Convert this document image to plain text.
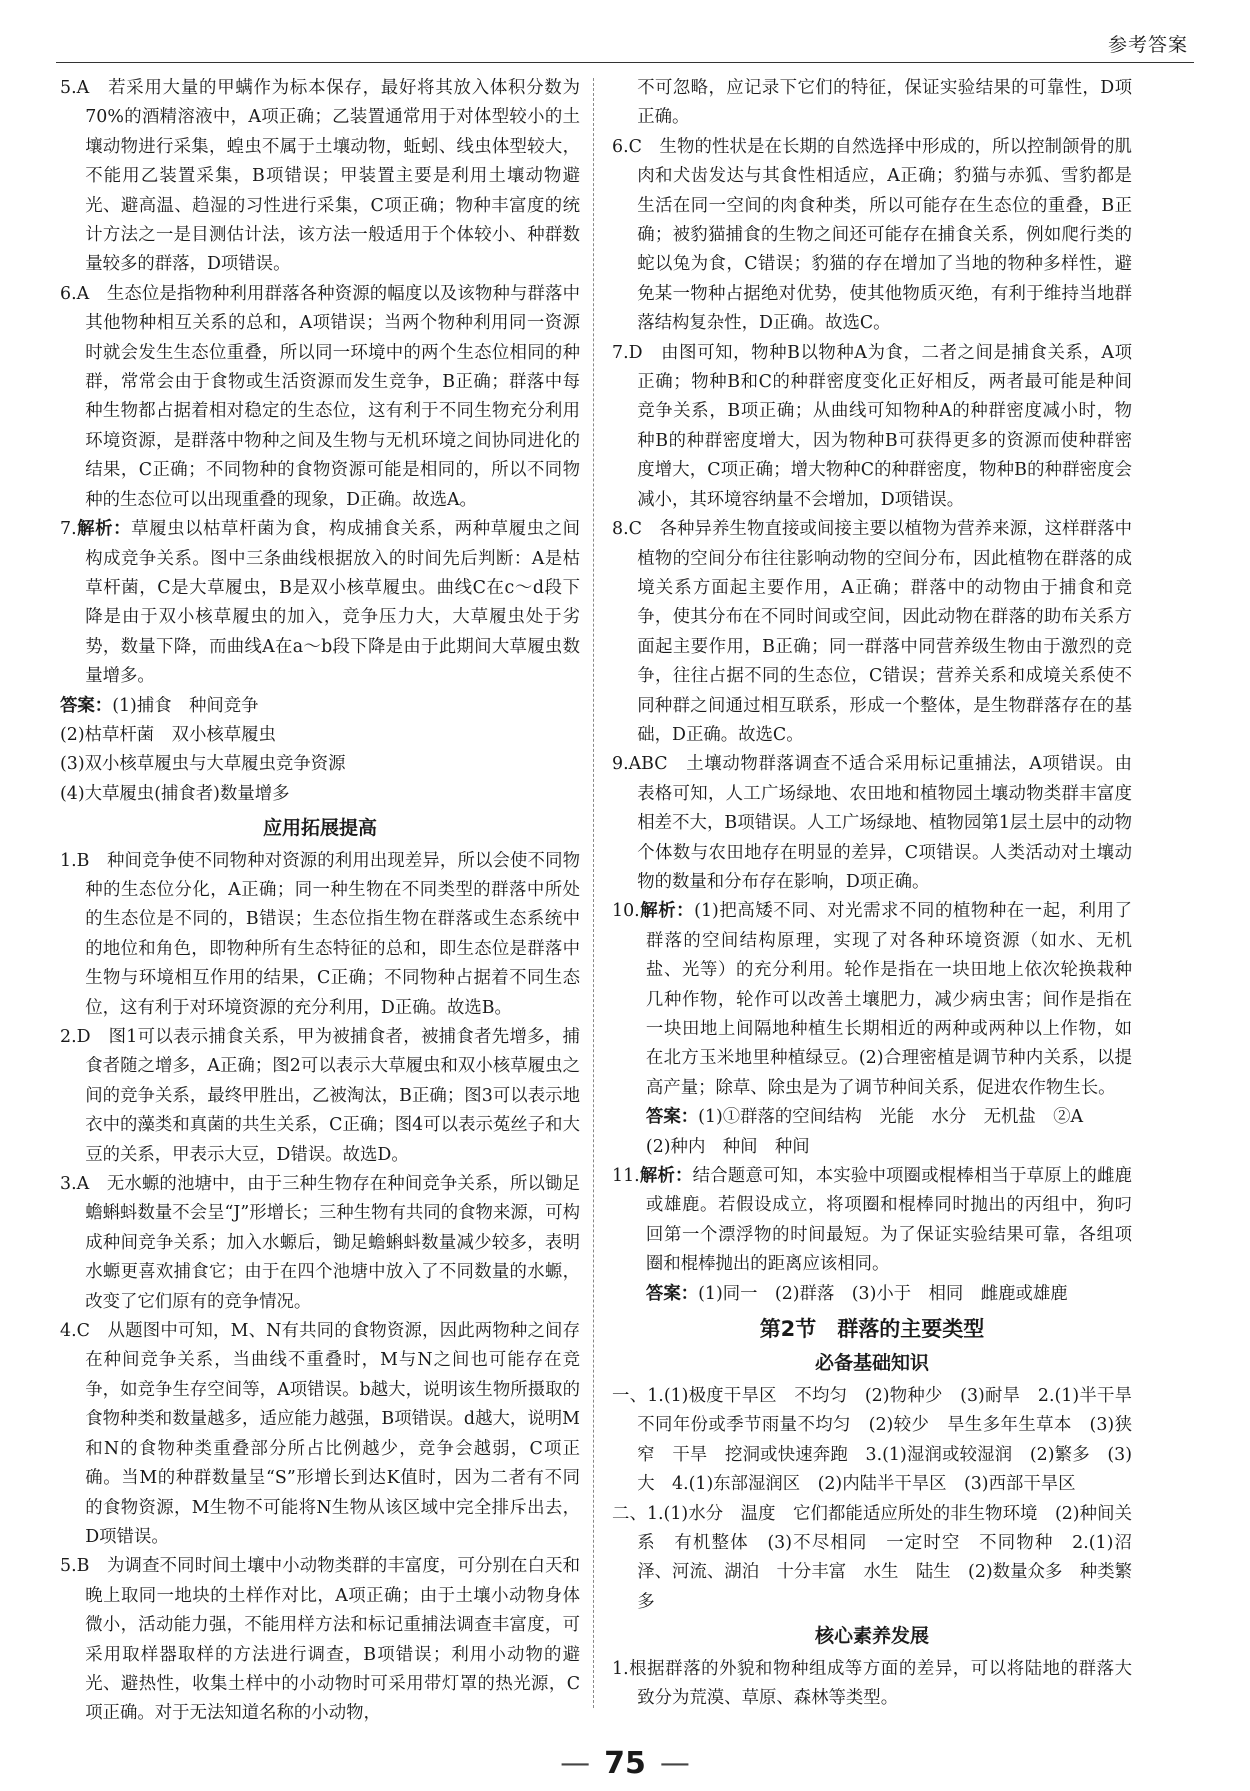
参考答案

5.A　 若采用大量的甲螨作为标本保存，最好将其放入体积分数为70%的酒精溶液中，A项正确；乙装置通常用于对体型较小的土壤动物进行采集，蝗虫不属于土壤动物，蚯蚓、线虫体型较大，不能用乙装置采集，B项错误；甲装置主要是利用土壤动物避光、避高温、趋湿的习性进行采集，C项正确；物种丰富度的统计方法之一是目测估计法，该方法一般适用于个体较小、种群数量较多的群落，D项错误。

6.A　 生态位是指物种利用群落各种资源的幅度以及该物种与群落中其他物种相互关系的总和，A项错误；当两个物种利用同一资源时就会发生生态位重叠，所以同一环境中的两个生态位相同的种群，常常会由于食物或生活资源而发生竞争，B正确；群落中每种生物都占据着相对稳定的生态位，这有利于不同生物充分利用环境资源，是群落中物种之间及生物与无机环境之间协同进化的结果，C正确；不同物种的食物资源可能是相同的，所以不同物种的生态位可以出现重叠的现象，D正确。故选A。

7.解析：草履虫以枯草杆菌为食，构成捕食关系，两种草履虫之间构成竞争关系。图中三条曲线根据放入的时间先后判断：A是枯草杆菌，C是大草履虫，B是双小核草履虫。曲线C在c～d段下降是由于双小核草履虫的加入，竞争压力大，大草履虫处于劣势，数量下降，而曲线A在a～b段下降是由于此期间大草履虫数量增多。

答案：(1)捕食　种间竞争

(2)枯草杆菌　双小核草履虫

(3)双小核草履虫与大草履虫竞争资源

(4)大草履虫(捕食者)数量增多

应用拓展提高

1.B　 种间竞争使不同物种对资源的利用出现差异，所以会使不同物种的生态位分化，A正确；同一种生物在不同类型的群落中所处的生态位是不同的，B错误；生态位指生物在群落或生态系统中的地位和角色，即物种所有生态特征的总和，即生态位是群落中生物与环境相互作用的结果，C正确；不同物种占据着不同生态位，这有利于对环境资源的充分利用，D正确。故选B。

2.D　 图1可以表示捕食关系，甲为被捕食者，被捕食者先增多，捕食者随之增多，A正确；图2可以表示大草履虫和双小核草履虫之间的竞争关系，最终甲胜出，乙被淘汰，B正确；图3可以表示地衣中的藻类和真菌的共生关系，C正确；图4可以表示菟丝子和大豆的关系，甲表示大豆，D错误。故选D。

3.A　 无水螈的池塘中，由于三种生物存在种间竞争关系，所以锄足蟾蝌蚪数量不会呈“J”形增长；三种生物有共同的食物来源，可构成种间竞争关系；加入水螈后，锄足蟾蝌蚪数量减少较多，表明水螈更喜欢捕食它；由于在四个池塘中放入了不同数量的水螈，改变了它们原有的竞争情况。

4.C　 从题图中可知，M、N有共同的食物资源，因此两物种之间存在种间竞争关系，当曲线不重叠时，M与N之间也可能存在竞争，如竞争生存空间等，A项错误。b越大，说明该生物所摄取的食物种类和数量越多，适应能力越强，B项错误。d越大，说明M和N的食物种类重叠部分所占比例越少，竞争会越弱，C项正确。当M的种群数量呈“S”形增长到达K值时，因为二者有不同的食物资源，M生物不可能将N生物从该区域中完全排斥出去，D项错误。

5.B　 为调查不同时间土壤中小动物类群的丰富度，可分别在白天和晚上取同一地块的土样作对比，A项正确；由于土壤小动物身体微小，活动能力强，不能用样方法和标记重捕法调查丰富度，可采用取样器取样的方法进行调查，B项错误；利用小动物的避光、避热性，收集土样中的小动物时可采用带灯罩的热光源，C项正确。对于无法知道名称的小动物，

不可忽略，应记录下它们的特征，保证实验结果的可靠性，D项正确。

6.C　 生物的性状是在长期的自然选择中形成的，所以控制颌骨的肌肉和犬齿发达与其食性相适应，A正确；豹猫与赤狐、雪豹都是生活在同一空间的肉食种类，所以可能存在生态位的重叠，B正确；被豹猫捕食的生物之间还可能存在捕食关系，例如爬行类的蛇以兔为食，C错误；豹猫的存在增加了当地的物种多样性，避免某一物种占据绝对优势，使其他物质灭绝，有利于维持当地群落结构复杂性，D正确。故选C。

7.D　 由图可知，物种B以物种A为食，二者之间是捕食关系，A项正确；物种B和C的种群密度变化正好相反，两者最可能是种间竞争关系，B项正确；从曲线可知物种A的种群密度减小时，物种B的种群密度增大，因为物种B可获得更多的资源而使种群密度增大，C项正确；增大物种C的种群密度，物种B的种群密度会减小，其环境容纳量不会增加，D项错误。

8.C　 各种异养生物直接或间接主要以植物为营养来源，这样群落中植物的空间分布往往影响动物的空间分布，因此植物在群落的成境关系方面起主要作用，A正确；群落中的动物由于捕食和竞争，使其分布在不同时间或空间，因此动物在群落的助布关系方面起主要作用，B正确；同一群落中同营养级生物由于激烈的竞争，往往占据不同的生态位，C错误；营养关系和成境关系使不同种群之间通过相互联系，形成一个整体，是生物群落存在的基础，D正确。故选C。

9.ABC　 土壤动物群落调查不适合采用标记重捕法，A项错误。由表格可知，人工广场绿地、农田地和植物园土壤动物类群丰富度相差不大，B项错误。人工广场绿地、植物园第1层土层中的动物个体数与农田地存在明显的差异，C项错误。人类活动对土壤动物的数量和分布存在影响，D项正确。

10.解析：(1)把高矮不同、对光需求不同的植物种在一起，利用了群落的空间结构原理，实现了对各种环境资源（如水、无机盐、光等）的充分利用。轮作是指在一块田地上依次轮换栽种几种作物，轮作可以改善土壤肥力，减少病虫害；间作是指在一块田地上间隔地种植生长期相近的两种或两种以上作物，如在北方玉米地里种植绿豆。(2)合理密植是调节种内关系，以提高产量；除草、除虫是为了调节种间关系，促进农作物生长。

答案：(1)①群落的空间结构　光能　水分　无机盐　②A

(2)种内　种间　种间

11.解析：结合题意可知，本实验中项圈或棍棒相当于草原上的雌鹿或雄鹿。若假设成立，将项圈和棍棒同时抛出的丙组中，狗叼回第一个漂浮物的时间最短。为了保证实验结果可靠，各组项圈和棍棒抛出的距离应该相同。

答案：(1)同一　(2)群落　(3)小于　相同　雌鹿或雄鹿

第2节　群落的主要类型
必备基础知识

一、1.(1)极度干旱区　不均匀　(2)物种少　(3)耐旱　2.(1)半干旱　不同年份或季节雨量不均匀　(2)较少　旱生多年生草本　(3)狭窄　干旱　挖洞或快速奔跑　3.(1)湿润或较湿润　(2)繁多　(3)大　4.(1)东部湿润区　(2)内陆半干旱区　(3)西部干旱区

二、1.(1)水分　温度　它们都能适应所处的非生物环境　(2)种间关系　有机整体　(3)不尽相同　一定时空　不同物种　2.(1)沼泽、河流、湖泊　十分丰富　水生　陆生　(2)数量众多　种类繁多

核心素养发展

1.根据群落的外貌和物种组成等方面的差异，可以将陆地的群落大致分为荒漠、草原、森林等类型。

— 75 —
